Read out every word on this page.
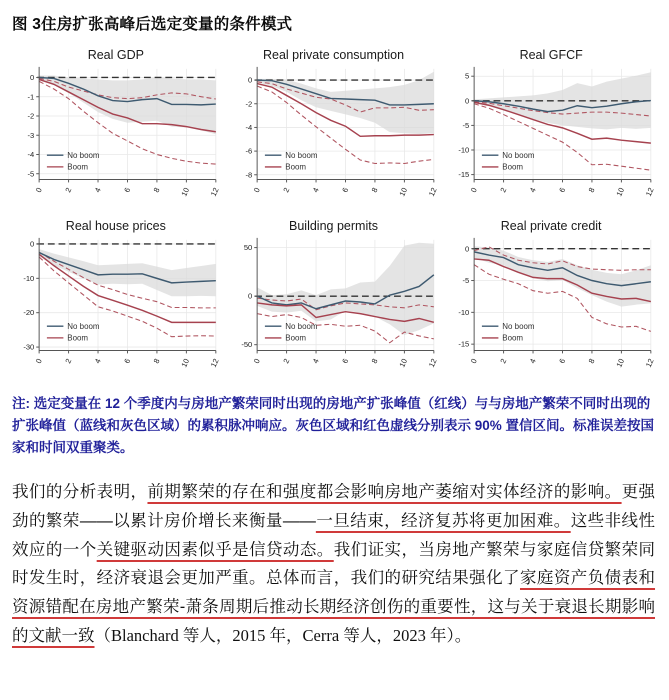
图 3住房扩张高峰后选定变量的条件模式
Real GDP
0
-1
-2
-3
-4
-5
0	2	4	6	8 10 12
No boom
Boom
Real private consumption
0
-2
-4
-6
-8
0	2	4	6	8 10 12
No boom
Boom
Real GFCF
5
0
-5
-10
-15
0	2	4	6	8 10 12
No boom
Boom
Real house prices
0
-10
-20
-30
0	2	4	6	8 10 12
No boom
Boom
Building permits
50
0
-50
0	2	4	6	8 10 12
No boom
Boom
Real private credit
0
-5
-10
-15
0	2	4	6	8 10 12
No boom
Boom

注: 选定变量在 12 个季度内与房地产繁荣同时出现的房地产扩张峰值（红线）与与房地产繁荣不同时出现的扩张峰值（蓝线和灰色区域）的累积脉冲响应。灰色区域和红色虚线分别表示 90% 置信区间。标准误差按国家和时间双重聚类。

我们的分析表明，前期繁荣的存在和强度都会影响房地产萎缩对实体经济的影响。更强劲的繁荣——以累计房价增长来衡量——一旦结束，经济复苏将更加困难。这些非线性效应的一个关键驱动因素似乎是信贷动态。我们证实，当房地产繁荣与家庭信贷繁荣同时发生时，经济衰退会更加严重。总体而言，我们的研究结果强化了家庭资产负债表和资源错配在房地产繁荣-萧条周期后推动长期经济创伤的重要性，这与关于衰退长期影响的文献一致（Blanchard 等人，2015 年，Cerra 等人，2023 年）。
